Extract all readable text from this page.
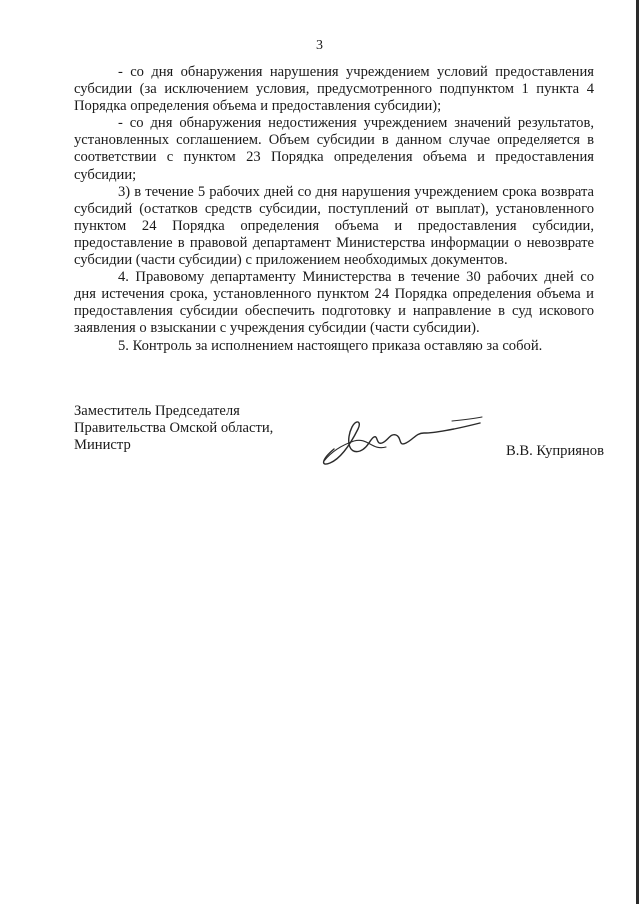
3

- со дня обнаружения нарушения учреждением условий предоставления субсидии (за исключением условия, предусмотренного подпунктом 1 пункта 4 Порядка определения объема и предоставления субсидии);

- со дня обнаружения недостижения учреждением значений результатов, установленных соглашением. Объем субсидии в данном случае определяется в соответствии с пунктом 23 Порядка определения объема и предоставления субсидии;

3) в течение 5 рабочих дней со дня нарушения учреждением срока возврата субсидий (остатков средств субсидии, поступлений от выплат), установленного пунктом 24 Порядка определения объема и предоставления субсидии, предоставление в правовой департамент Министерства информации о невозврате субсидии (части субсидии) с приложением необходимых документов.

4. Правовому департаменту Министерства в течение 30 рабочих дней со дня истечения срока, установленного пунктом 24 Порядка определения объема и предоставления субсидии обеспечить подготовку и направление в суд искового заявления о взыскании с учреждения субсидии (части субсидии).

5. Контроль за исполнением настоящего приказа оставляю за собой.

Заместитель Председателя
Правительства Омской области,
Министр	В.В. Куприянов
